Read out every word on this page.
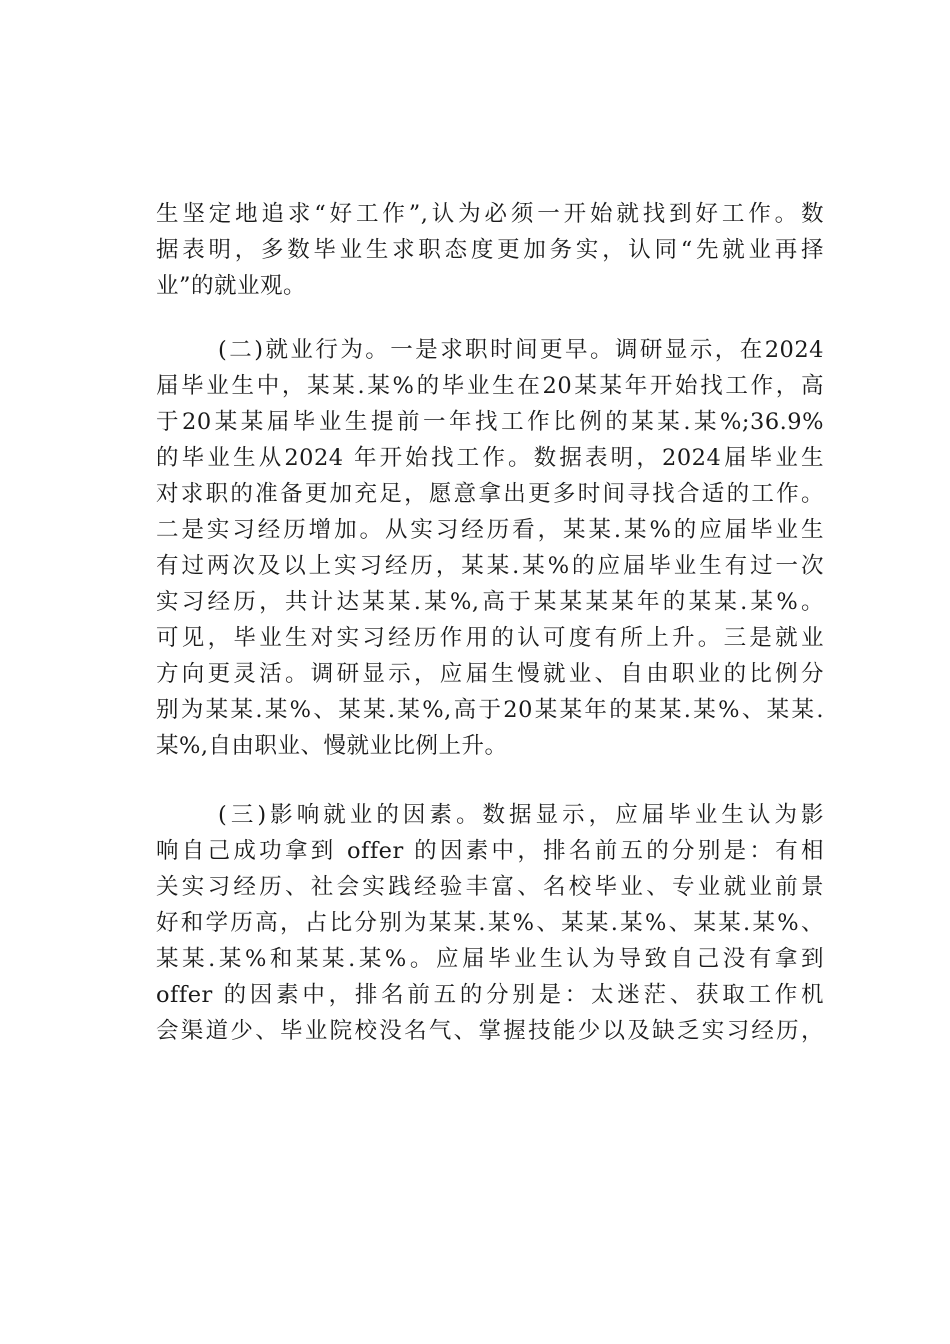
生坚定地追求“好工作”,认为必须一开始就找到好工作。数
据表明，多数毕业生求职态度更加务实，认同“先就业再择
业”的就业观。
(二)就业行为。一是求职时间更早。调研显示，在2024
届毕业生中，某某.某%的毕业生在20某某年开始找工作，高
于20某某届毕业生提前一年找工作比例的某某.某%;36.9%
的毕业生从2024 年开始找工作。数据表明，2024届毕业生
对求职的准备更加充足，愿意拿出更多时间寻找合适的工作。
二是实习经历增加。从实习经历看，某某.某%的应届毕业生
有过两次及以上实习经历，某某.某%的应届毕业生有过一次
实习经历，共计达某某.某%,高于某某某某年的某某.某%。
可见，毕业生对实习经历作用的认可度有所上升。三是就业
方向更灵活。调研显示，应届生慢就业、自由职业的比例分
别为某某.某%、某某.某%,高于20某某年的某某.某%、某某.
某%,自由职业、慢就业比例上升。
(三)影响就业的因素。数据显示，应届毕业生认为影
响自己成功拿到 offer 的因素中，排名前五的分别是：有相
关实习经历、社会实践经验丰富、名校毕业、专业就业前景
好和学历高，占比分别为某某.某%、某某.某%、某某.某%、
某某.某%和某某.某%。应届毕业生认为导致自己没有拿到
offer 的因素中，排名前五的分别是：太迷茫、获取工作机
会渠道少、毕业院校没名气、掌握技能少以及缺乏实习经历，
